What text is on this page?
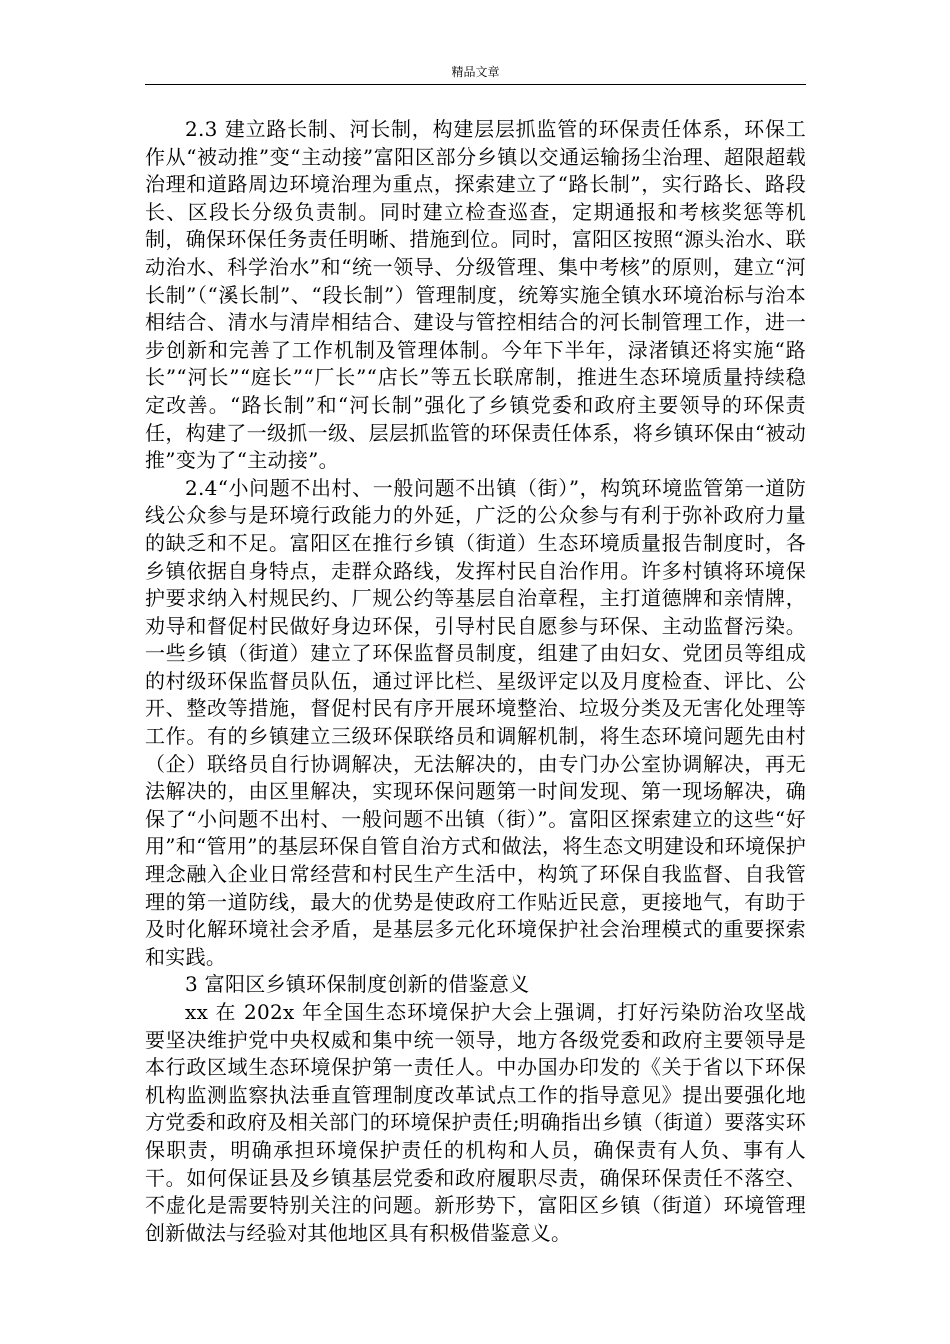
精品文章

2.3 建立路长制、河长制，构建层层抓监管的环保责任体系，环保工作从“被动推”变“主动接”富阳区部分乡镇以交通运输扬尘治理、超限超载治理和道路周边环境治理为重点，探索建立了“路长制”，实行路长、路段长、区段长分级负责制。同时建立检查巡查，定期通报和考核奖惩等机制，确保环保任务责任明晰、措施到位。同时，富阳区按照“源头治水、联动治水、科学治水”和“统一领导、分级管理、集中考核”的原则，建立“河长制”（“溪长制”、“段长制”）管理制度，统筹实施全镇水环境治标与治本相结合、清水与清岸相结合、建设与管控相结合的河长制管理工作，进一步创新和完善了工作机制及管理体制。今年下半年，渌渚镇还将实施“路长”“河长”“庭长”“厂长”“店长”等五长联席制，推进生态环境质量持续稳定改善。“路长制”和“河长制”强化了乡镇党委和政府主要领导的环保责任，构建了一级抓一级、层层抓监管的环保责任体系，将乡镇环保由“被动推”变为了“主动接”。

2.4“小问题不出村、一般问题不出镇（街）”，构筑环境监管第一道防线公众参与是环境行政能力的外延，广泛的公众参与有利于弥补政府力量的缺乏和不足。富阳区在推行乡镇（街道）生态环境质量报告制度时，各乡镇依据自身特点，走群众路线，发挥村民自治作用。许多村镇将环境保护要求纳入村规民约、厂规公约等基层自治章程，主打道德牌和亲情牌，劝导和督促村民做好身边环保，引导村民自愿参与环保、主动监督污染。一些乡镇（街道）建立了环保监督员制度，组建了由妇女、党团员等组成的村级环保监督员队伍，通过评比栏、星级评定以及月度检查、评比、公开、整改等措施，督促村民有序开展环境整治、垃圾分类及无害化处理等工作。有的乡镇建立三级环保联络员和调解机制，将生态环境问题先由村（企）联络员自行协调解决，无法解决的，由专门办公室协调解决，再无法解决的，由区里解决，实现环保问题第一时间发现、第一现场解决，确保了“小问题不出村、一般问题不出镇（街）”。富阳区探索建立的这些“好用”和“管用”的基层环保自管自治方式和做法，将生态文明建设和环境保护理念融入企业日常经营和村民生产生活中，构筑了环保自我监督、自我管理的第一道防线，最大的优势是使政府工作贴近民意，更接地气，有助于及时化解环境社会矛盾，是基层多元化环境保护社会治理模式的重要探索和实践。

3 富阳区乡镇环保制度创新的借鉴意义

xx 在 202x 年全国生态环境保护大会上强调，打好污染防治攻坚战要坚决维护党中央权威和集中统一领导，地方各级党委和政府主要领导是本行政区域生态环境保护第一责任人。中办国办印发的《关于省以下环保机构监测监察执法垂直管理制度改革试点工作的指导意见》提出要强化地方党委和政府及相关部门的环境保护责任;明确指出乡镇（街道）要落实环保职责，明确承担环境保护责任的机构和人员，确保责有人负、事有人干。如何保证县及乡镇基层党委和政府履职尽责，确保环保责任不落空、不虚化是需要特别关注的问题。新形势下，富阳区乡镇（街道）环境管理创新做法与经验对其他地区具有积极借鉴意义。
